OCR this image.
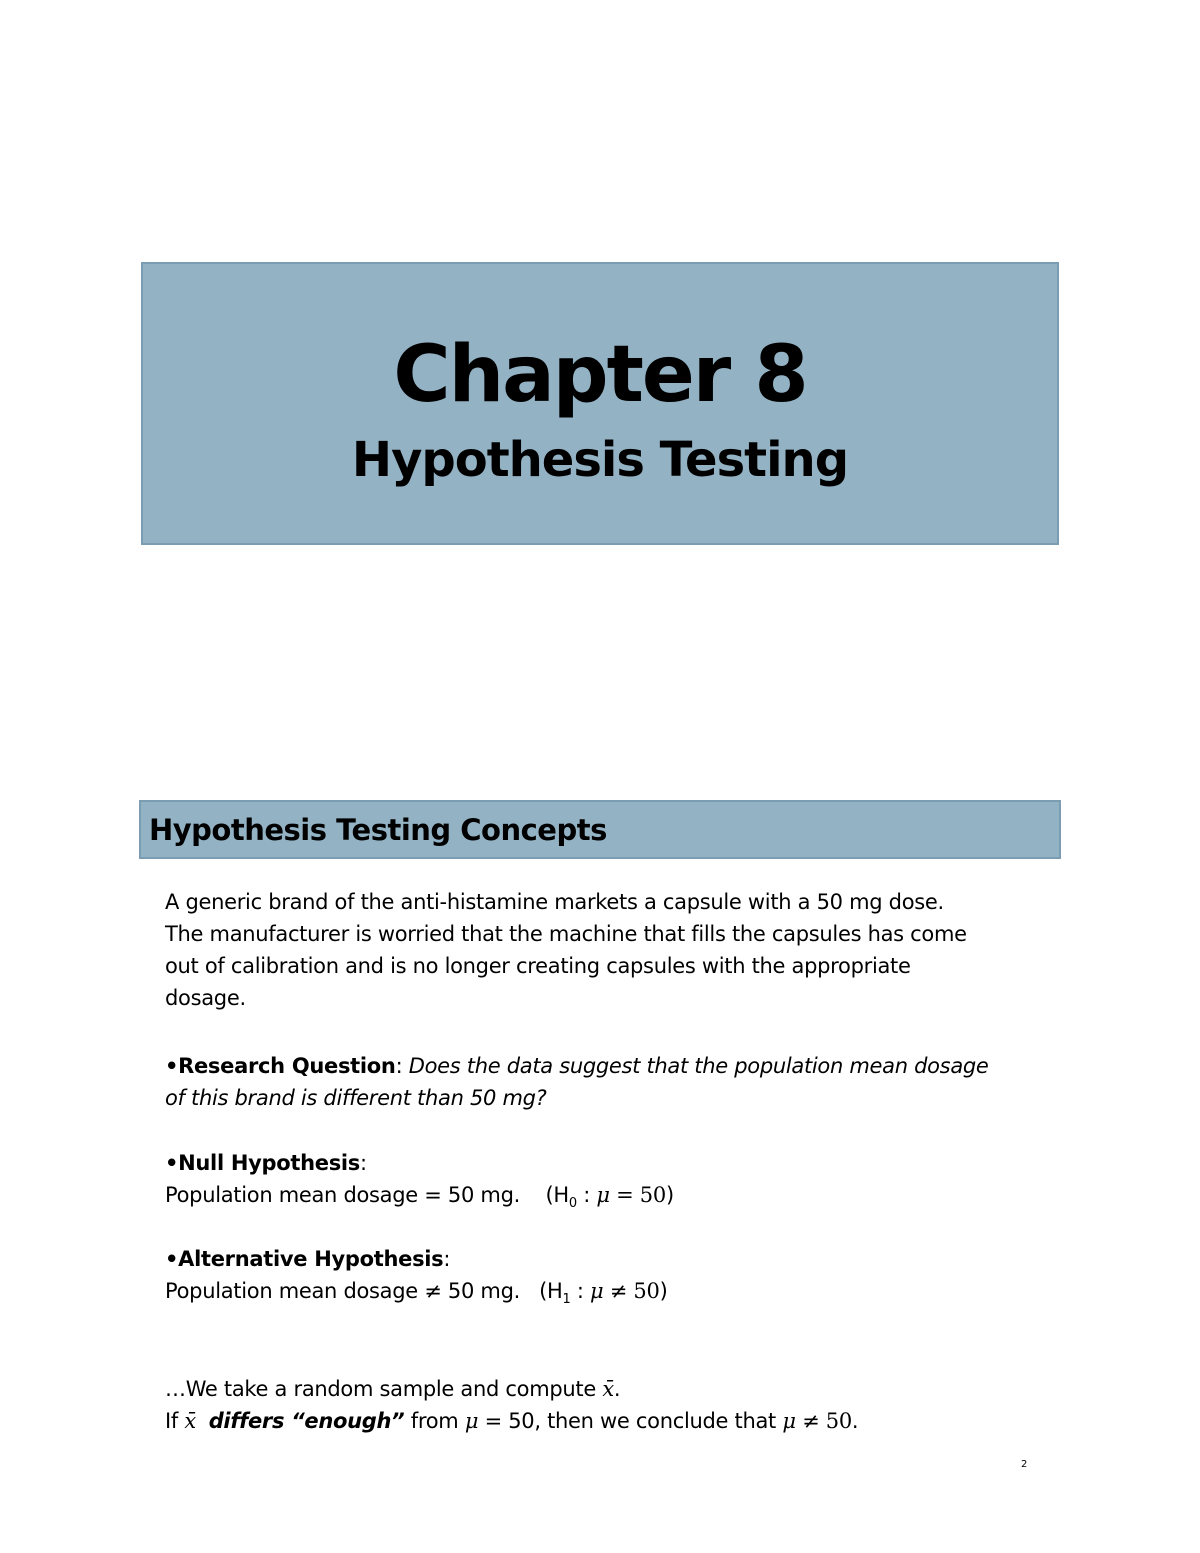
Chapter 8
Hypothesis Testing
Hypothesis Testing Concepts
A generic brand of the anti-histamine markets a capsule with a 50 mg dose.
The manufacturer is worried that the machine that fills the capsules has come
out of calibration and is no longer creating capsules with the appropriate
dosage.
•Research Question: Does the data suggest that the population mean dosage
of this brand is different than 50 mg?
•Null Hypothesis:
Population mean dosage = 50 mg. ($H_0$ : μ = 50)
•Alternative Hypothesis:
Population mean dosage ≠ 50 mg. ($H_1$ : μ ≠ 50)
…We take a random sample and compute x̄.
If x̄ differs “enough” from μ = 50, then we conclude that μ ≠ 50.
2
